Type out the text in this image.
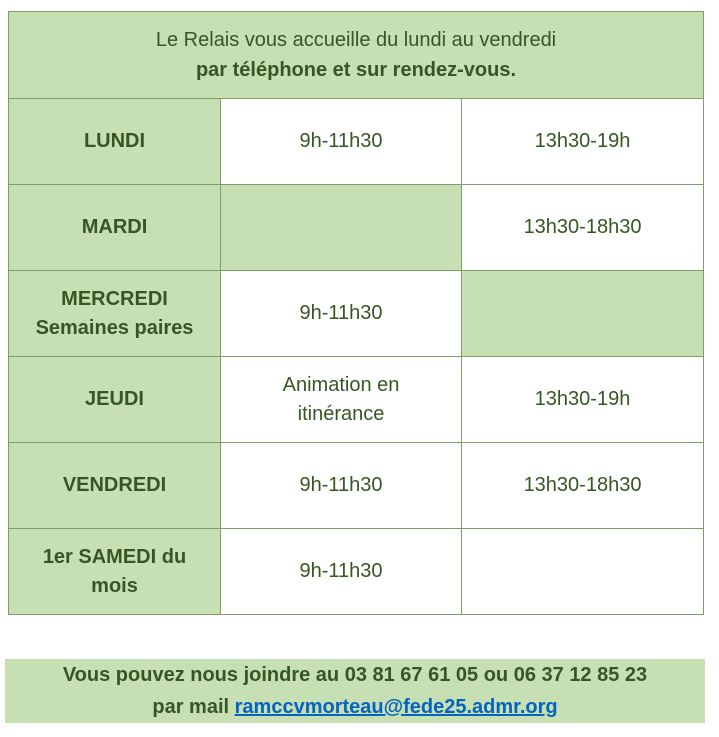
Le Relais vous accueille du lundi au vendredi
par téléphone et sur rendez-vous.		

LUNDI	9h-11h30	13h30-19h

MARDI		13h30-18h30

MERCREDI
Semaines paires	9h-11h30	

JEUDI	Animation en
itinérance	13h30-19h

VENDREDI	9h-11h30	13h30-18h30

1er SAMEDI du
mois	9h-11h30	

Vous pouvez nous joindre au 03 81 67 61 05 ou 06 37 12 85 23
par mail ramccvmorteau@fede25.admr.org
